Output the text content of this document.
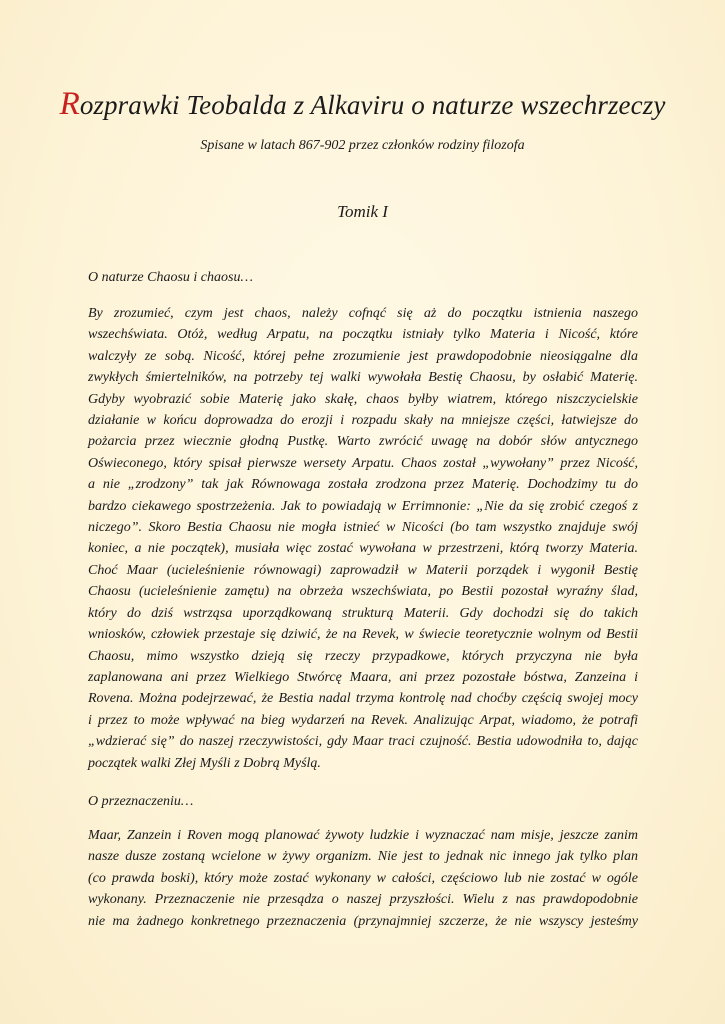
Rozprawki Teobalda z Alkaviru o naturze wszechrzeczy
Spisane w latach 867-902 przez członków rodziny filozofa
Tomik I
O naturze Chaosu i chaosu…
By zrozumieć, czym jest chaos, należy cofnąć się aż do początku istnienia naszego
wszechświata. Otóż, według Arpatu, na początku istniały tylko Materia i Nicość, które
walczyły ze sobą. Nicość, której pełne zrozumienie jest prawdopodobnie nieosiągalne dla
zwykłych śmiertelników, na potrzeby tej walki wywołała Bestię Chaosu, by osłabić Materię.
Gdyby wyobrazić sobie Materię jako skałę, chaos byłby wiatrem, którego niszczycielskie
działanie w końcu doprowadza do erozji i rozpadu skały na mniejsze części, łatwiejsze do
pożarcia przez wiecznie głodną Pustkę. Warto zwrócić uwagę na dobór słów antycznego
Oświeconego, który spisał pierwsze wersety Arpatu. Chaos został „wywołany” przez Nicość,
a nie „zrodzony” tak jak Równowaga została zrodzona przez Materię. Dochodzimy tu do
bardzo ciekawego spostrzeżenia. Jak to powiadają w Errimnonie: „Nie da się zrobić czegoś z
niczego”. Skoro Bestia Chaosu nie mogła istnieć w Nicości (bo tam wszystko znajduje swój
koniec, a nie początek), musiała więc zostać wywołana w przestrzeni, którą tworzy Materia.
Choć Maar (ucieleśnienie równowagi) zaprowadził w Materii porządek i wygonił Bestię
Chaosu (ucieleśnienie zamętu) na obrzeża wszechświata, po Bestii pozostał wyraźny ślad,
który do dziś wstrząsa uporządkowaną strukturą Materii. Gdy dochodzi się do takich
wniosków, człowiek przestaje się dziwić, że na Revek, w świecie teoretycznie wolnym od Bestii
Chaosu, mimo wszystko dzieją się rzeczy przypadkowe, których przyczyna nie była
zaplanowana ani przez Wielkiego Stwórcę Maara, ani przez pozostałe bóstwa, Zanzeina i
Rovena. Można podejrzewać, że Bestia nadal trzyma kontrolę nad choćby częścią swojej mocy
i przez to może wpływać na bieg wydarzeń na Revek. Analizując Arpat, wiadomo, że potrafi
„wdzierać się” do naszej rzeczywistości, gdy Maar traci czujność. Bestia udowodniła to, dając
początek walki Złej Myśli z Dobrą Myślą.
O przeznaczeniu…
Maar, Zanzein i Roven mogą planować żywoty ludzkie i wyznaczać nam misje, jeszcze zanim
nasze dusze zostaną wcielone w żywy organizm. Nie jest to jednak nic innego jak tylko plan
(co prawda boski), który może zostać wykonany w całości, częściowo lub nie zostać w ogóle
wykonany. Przeznaczenie nie przesądza o naszej przyszłości. Wielu z nas prawdopodobnie
nie ma żadnego konkretnego przeznaczenia (przynajmniej szczerze, że nie wszyscy jesteśmy
